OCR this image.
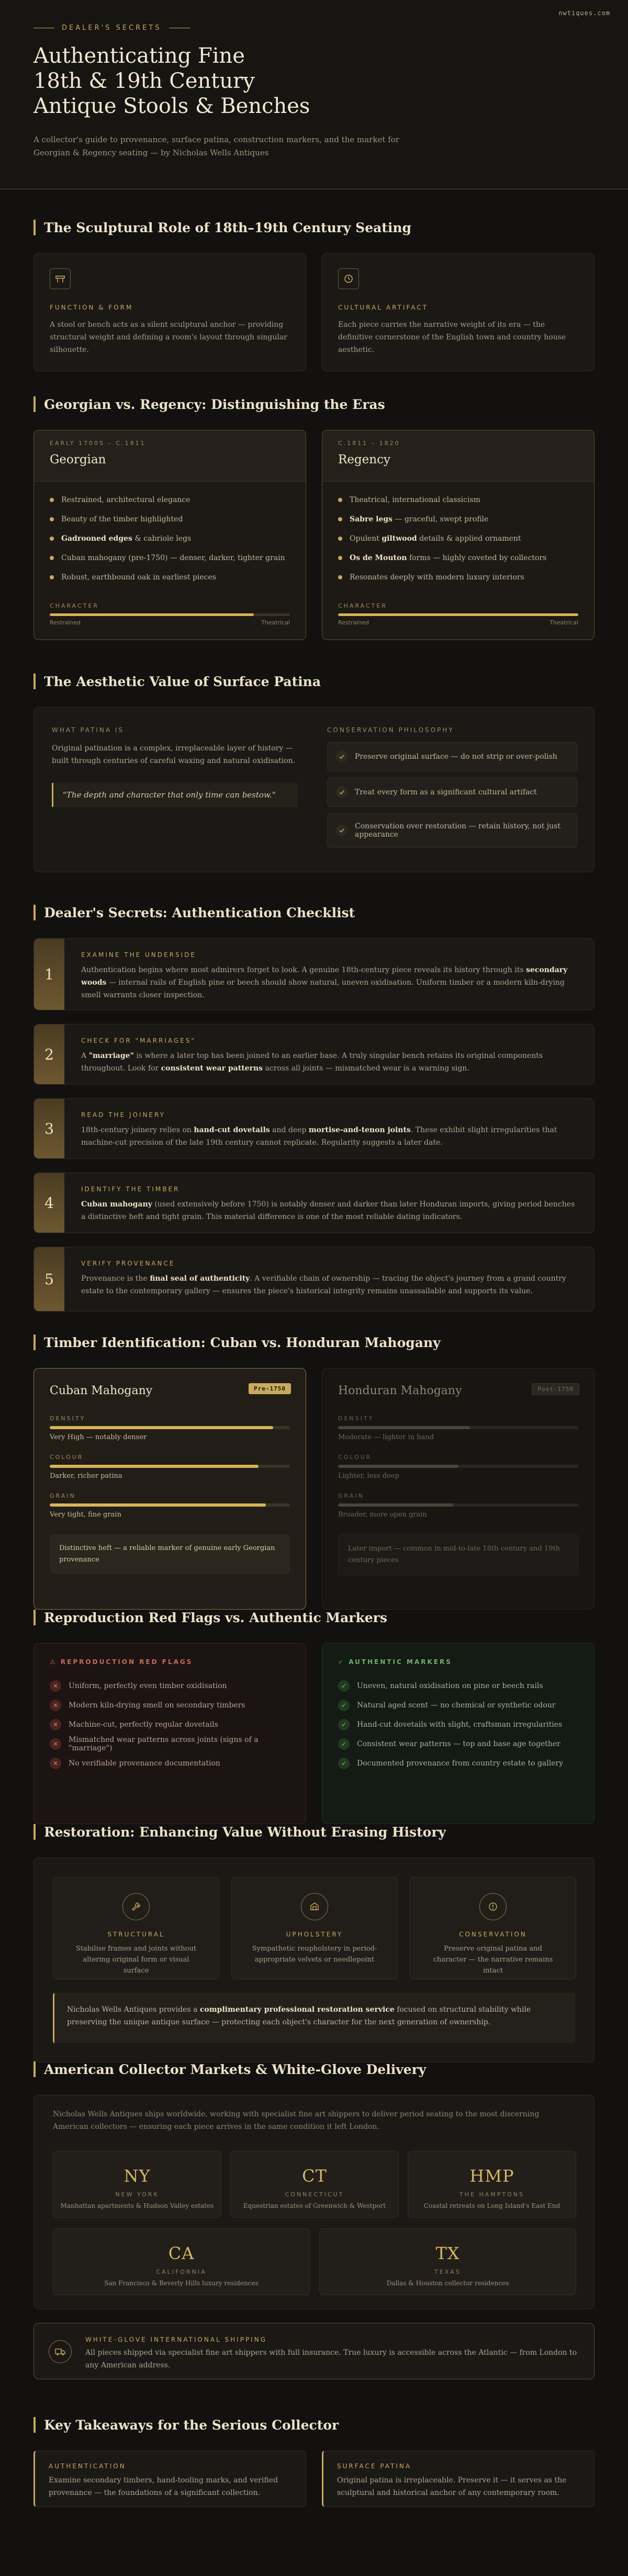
nwtiques.com
DEALER'S SECRETS
Authenticating Fine
18th & 19th Century
Antique Stools & Benches

A collector's guide to provenance, surface patina, construction markers, and the market for Georgian & Regency seating — by Nicholas Wells Antiques

The Sculptural Role of 18th–19th Century Seating
FUNCTION & FORM

A stool or bench acts as a silent sculptural anchor — providing structural weight and defining a room's layout through singular silhouette.

CULTURAL ARTIFACT

Each piece carries the narrative weight of its era — the definitive cornerstone of the English town and country house aesthetic.

Georgian vs. Regency: Distinguishing the Eras
EARLY 1700S – C.1811
Georgian
Restrained, architectural elegance
Beauty of the timber highlighted
Gadrooned edges & cabriole legs
Cuban mahogany (pre-1750) — denser, darker, tighter grain
Robust, earthbound oak in earliest pieces
CHARACTER
Restrained	Theatrical
C.1811 – 1820
Regency
Theatrical, international classicism
Sabre legs — graceful, swept profile
Opulent giltwood details & applied ornament
Os de Mouton forms — highly coveted by collectors
Resonates deeply with modern luxury interiors
CHARACTER
Restrained	Theatrical
The Aesthetic Value of Surface Patina
WHAT PATINA IS

Original patination is a complex, irreplaceable layer of history — built through centuries of careful waxing and natural oxidisation.

"The depth and character that only time can bestow."
CONSERVATION PHILOSOPHY
Preserve original surface — do not strip or over-polish
Treat every form as a significant cultural artifact
Conservation over restoration — retain history, not just appearance
Dealer's Secrets: Authentication Checklist
1
EXAMINE THE UNDERSIDE

Authentication begins where most admirers forget to look. A genuine 18th-century piece reveals its history through its secondary woods — internal rails of English pine or beech should show natural, uneven oxidisation. Uniform timber or a modern kiln-drying smell warrants closer inspection.

2
CHECK FOR "MARRIAGES"

A "marriage" is where a later top has been joined to an earlier base. A truly singular bench retains its original components throughout. Look for consistent wear patterns across all joints — mismatched wear is a warning sign.

3
READ THE JOINERY

18th-century joinery relies on hand-cut dovetails and deep mortise-and-tenon joints. These exhibit slight irregularities that machine-cut precision of the late 19th century cannot replicate. Regularity suggests a later date.

4
IDENTIFY THE TIMBER

Cuban mahogany (used extensively before 1750) is notably denser and darker than later Honduran imports, giving period benches a distinctive heft and tight grain. This material difference is one of the most reliable dating indicators.

5
VERIFY PROVENANCE

Provenance is the final seal of authenticity. A verifiable chain of ownership — tracing the object's journey from a grand country estate to the contemporary gallery — ensures the piece's historical integrity remains unassailable and supports its value.

Timber Identification: Cuban vs. Honduran Mahogany
Cuban Mahogany	Pre-1750
DENSITY
Very High — notably denser
COLOUR
Darker, richer patina
GRAIN
Very tight, fine grain
Distinctive heft — a reliable marker of genuine early Georgian provenance
Honduran Mahogany	Post-1750
DENSITY
Moderate — lighter in hand
COLOUR
Lighter, less deep
GRAIN
Broader, more open grain
Later import — common in mid-to-late 18th century and 19th century pieces
Reproduction Red Flags vs. Authentic Markers
⚠ REPRODUCTION RED FLAGS
✕	Uniform, perfectly even timber oxidisation
✕	Modern kiln-drying smell on secondary timbers
✕	Machine-cut, perfectly regular dovetails
✕	Mismatched wear patterns across joints (signs of a "marriage")
✕	No verifiable provenance documentation
✓ AUTHENTIC MARKERS
✓	Uneven, natural oxidisation on pine or beech rails
✓	Natural aged scent — no chemical or synthetic odour
✓	Hand-cut dovetails with slight, craftsman irregularities
✓	Consistent wear patterns — top and base age together
✓	Documented provenance from country estate to gallery
Restoration: Enhancing Value Without Erasing History
STRUCTURAL

Stabilise frames and joints without altering original form or visual surface

UPHOLSTERY

Sympathetic reupholstery in period-appropriate velvets or needlepoint

CONSERVATION

Preserve original patina and character — the narrative remains intact

Nicholas Wells Antiques provides a complimentary professional restoration service focused on structural stability while preserving the unique antique surface — protecting each object's character for the next generation of ownership.

American Collector Markets & White-Glove Delivery

Nicholas Wells Antiques ships worldwide, working with specialist fine art shippers to deliver period seating to the most discerning American collectors — ensuring each piece arrives in the same condition it left London.

NY
NEW YORK
Manhattan apartments & Hudson Valley estates
CT
CONNECTICUT
Equestrian estates of Greenwich & Westport
HMP
THE HAMPTONS
Coastal retreats on Long Island's East End
CA
CALIFORNIA
San Francisco & Beverly Hills luxury residences
TX
TEXAS
Dallas & Houston collector residences
WHITE-GLOVE INTERNATIONAL SHIPPING

All pieces shipped via specialist fine art shippers with full insurance. True luxury is accessible across the Atlantic — from London to any American address.

Key Takeaways for the Serious Collector
AUTHENTICATION

Examine secondary timbers, hand-tooling marks, and verified provenance — the foundations of a significant collection.

SURFACE PATINA

Original patina is irreplaceable. Preserve it — it serves as the sculptural and historical anchor of any contemporary room.
